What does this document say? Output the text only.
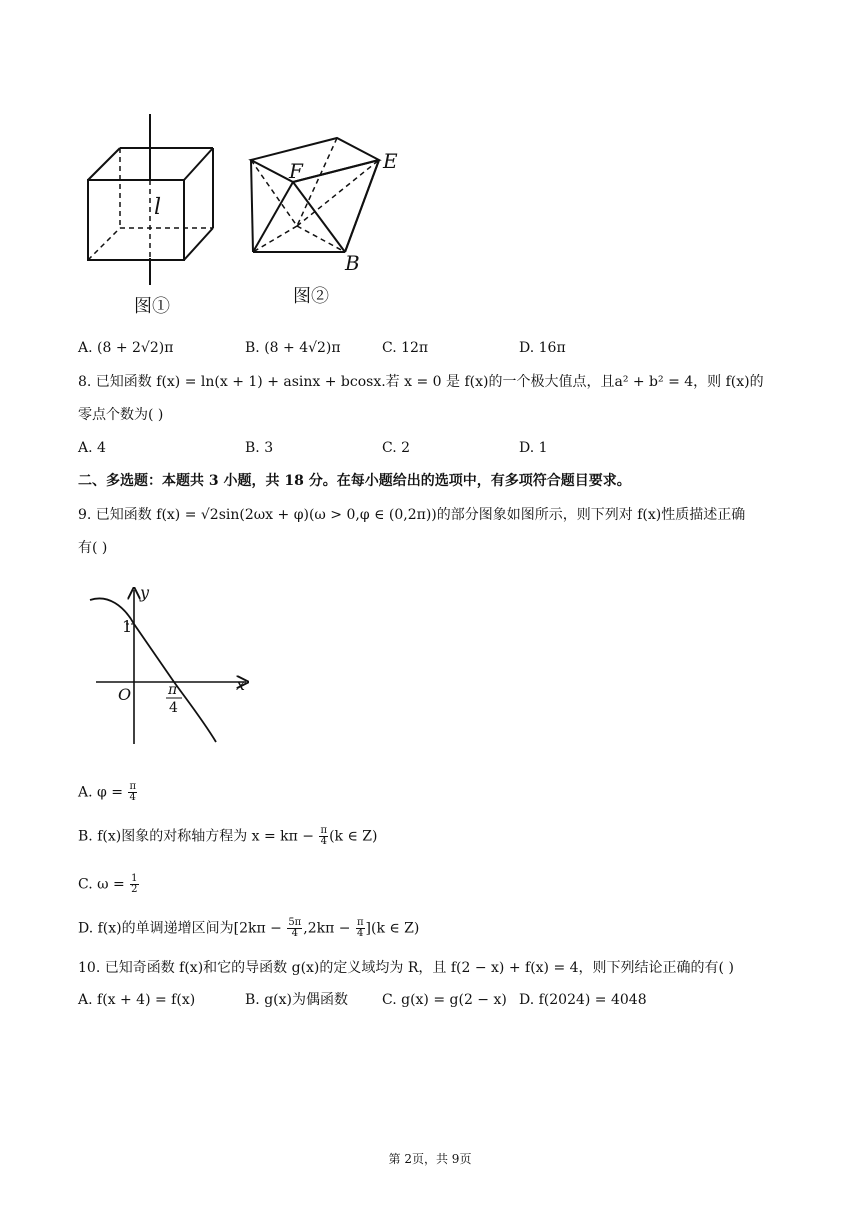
l
图①
F	E
B
图②
A. (8 + 2√2)π	B. (8 + 4√2)π	C. 12π	D. 16π
8. 已知函数 f(x) = ln(x + 1) + asinx + bcosx.若 x = 0 是 f(x)的一个极大值点，且a² + b² = 4，则 f(x)的
零点个数为( )
A. 4	B. 3	C. 2	D. 1
二、多选题：本题共 3 小题，共 18 分。在每小题给出的选项中，有多项符合题目要求。
9. 已知函数 f(x) = √2sin(2ωx + φ)(ω > 0,φ ∈ (0,2π))的部分图象如图所示，则下列对 f(x)性质描述正确
有( )
y
x
O
1
π
4
A. $\varphi = \frac{\pi}{4}$
B. f(x)图象的对称轴方程为 $x = k\pi - \frac{\pi}{4} (k$ ∈ Z)
C. $\omega = \frac{1}{2}$
D. f(x)的单调递增区间为$[2k\pi - \frac{5\pi}{4} ,2k\pi - \frac{\pi}{4} ](k$ ∈ Z)
10. 已知奇函数 f(x)和它的导函数 g(x)的定义域均为 R，且 f(2 − x) + f(x) = 4，则下列结论正确的有( )
A. f(x + 4) = f(x)	B. g(x)为偶函数 C. g(x) = g(2 − x) D. f(2024) = 4048
第 2页，共 9页
